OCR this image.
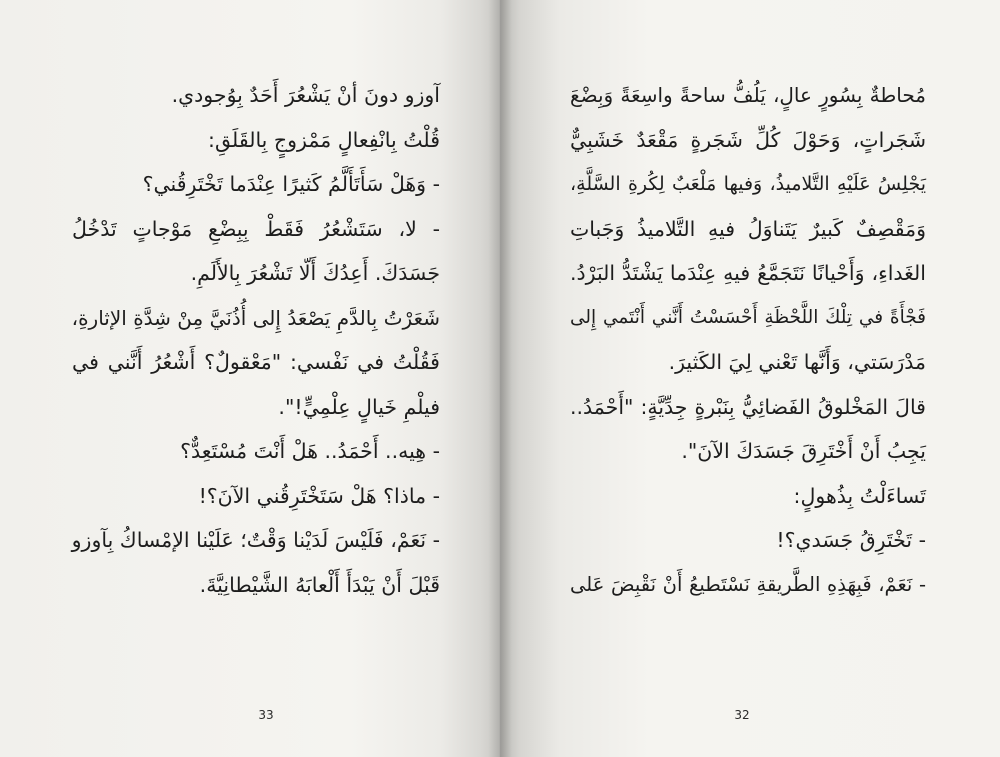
آوزو دونَ أنْ يَشْعُرَ أَحَدٌ بِوُجودي.
قُلْتُ بِانْفِعالٍ مَمْزوجٍ بِالقَلَقِ:
- وَهَلْ سَأَتَأَلَّمُ كَثيرًا عِنْدَما تَخْتَرِقُني؟
- لا، سَتَشْعُرُ فَقَطْ بِبِضْعِ مَوْجاتٍ تَدْخُلُ
جَسَدَكَ. أَعِدُكَ أَلّا تَشْعُرَ بِالأَلَمِ.
شَعَرْتُ بِالدَّمِ يَصْعَدُ إِلى أُذُنَيَّ مِنْ شِدَّةِ الإثارةِ،
فَقُلْتُ في نَفْسي: "مَعْقولٌ؟ أَشْعُرُ أَنَّني في
فيلْمِ خَيالٍ عِلْمِيٍّ!".
- هِيه.. أَحْمَدُ.. هَلْ أَنْتَ مُسْتَعِدٌّ؟
- ماذا؟ هَلْ سَتَخْتَرِقُني الآنَ؟!
- نَعَمْ، فَلَيْسَ لَدَيْنا وَقْتٌ؛ عَلَيْنا الإمْساكُ بِآوزو
قَبْلَ أَنْ يَبْدَأَ أَلْعابَهُ الشَّيْطانِيَّةَ.
33
مُحاطةٌ بِسُورٍ عالٍ، يَلُفُّ ساحةً واسِعَةً وَبِضْعَ
شَجَراتٍ، وَحَوْلَ كُلِّ شَجَرةٍ مَقْعَدٌ خَشَبِيٌّ
يَجْلِسُ عَلَيْهِ التَّلاميذُ، وَفيها مَلْعَبٌ لِكُرةِ السَّلَّةِ،
وَمَقْصِفٌ كَبيرٌ يَتَناوَلُ فيهِ التَّلاميذُ وَجَباتِ
الغَداءِ، وَأَحْيانًا نَتَجَمَّعُ فيهِ عِنْدَما يَشْتَدُّ البَرْدُ.
فَجْأَةً في تِلْكَ اللَّحْظَةِ أَحْسَسْتُ أَنَّني أَنْتَمي إِلى
مَدْرَسَتي، وَأَنَّها تَعْني لِيَ الكَثيرَ.
قالَ المَخْلوقُ الفَضائِيُّ بِنَبْرةٍ جِدِّيَّةٍ: "أَحْمَدُ..
يَجِبُ أَنْ أَخْتَرِقَ جَسَدَكَ الآنَ".
تَساءَلْتُ بِذُهولٍ:
- تَخْتَرِقُ جَسَدي؟!
- نَعَمْ، فَبِهَذِهِ الطَّريقةِ نَسْتَطيعُ أَنْ نَقْبِضَ عَلى
32
